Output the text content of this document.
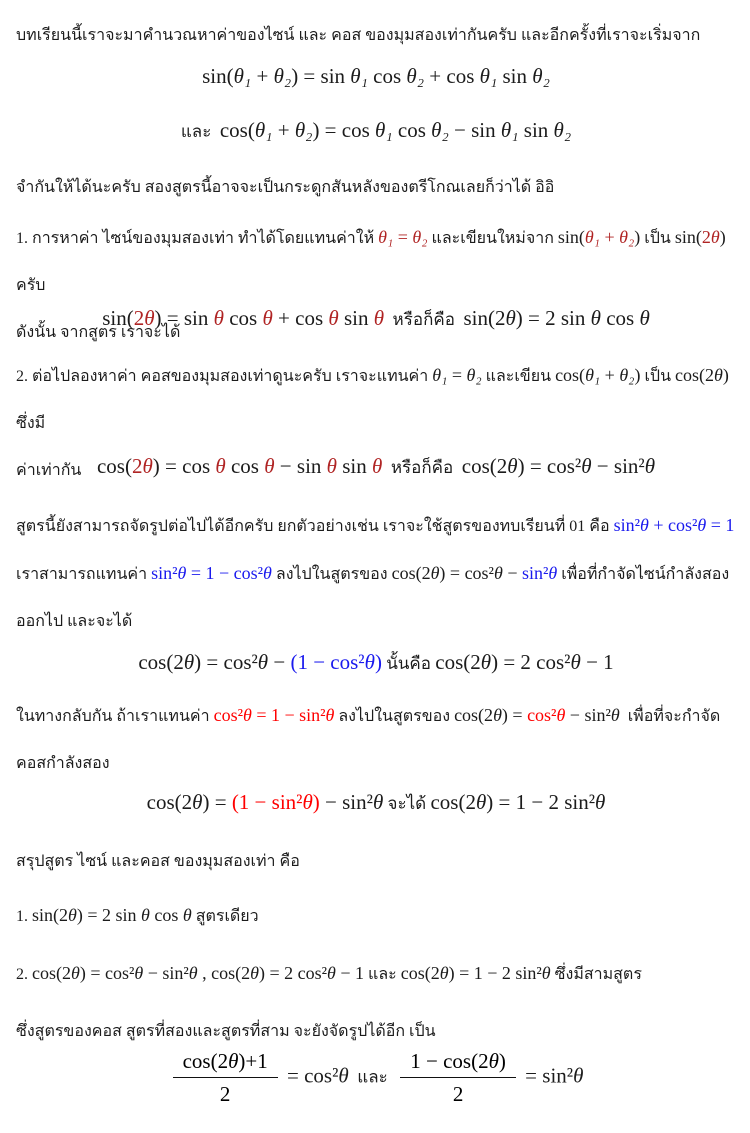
บทเรียนนี้เราจะมาคำนวณหาค่าของไซน์ และ คอส ของมุมสองเท่ากันครับ และอีกครั้งที่เราจะเริ่มจาก
sin(θ₁ + θ₂) = sin θ₁ cos θ₂ + cos θ₁ sin θ₂
และ  cos(θ₁ + θ₂) = cos θ₁ cos θ₂ − sin θ₁ sin θ₂
จำกันให้ได้นะครับ สองสูตรนี้อาจจะเป็นกระดูกสันหลังของตรีโกณเลยก็ว่าได้ อิอิ
1. การหาค่า ไซน์ของมุมสองเท่า ทำได้โดยแทนค่าให้ θ₁ = θ₂ และเขียนใหม่จาก sin(θ₁ + θ₂) เป็น sin(2θ) ครับ
ดังนั้น จากสูตร เราจะได้
sin(2θ) = sin θ cos θ + cos θ sin θ  หรือก็คือ  sin(2θ) = 2 sin θ cos θ
2. ต่อไปลองหาค่า คอสของมุมสองเท่าดูนะครับ เราจะแทนค่า θ₁ = θ₂ และเขียน cos(θ₁ + θ₂) เป็น cos(2θ) ซึ่งมี
ค่าเท่ากัน cos(2θ) = cos θ cos θ − sin θ sin θ  หรือก็คือ  cos(2θ) = cos²θ − sin²θ
สูตรนี้ยังสามารถจัดรูปต่อไปได้อีกครับ ยกตัวอย่างเช่น เราจะใช้สูตรของทบเรียนที่ 01 คือ sin²θ + cos²θ = 1
เราสามารถแทนค่า sin²θ = 1 − cos²θ ลงไปในสูตรของ cos(2θ) = cos²θ − sin²θ เพื่อที่กำจัดไซน์กำลังสอง
ออกไป และจะได้
cos(2θ) = cos²θ − (1 − cos²θ) นั้นคือ cos(2θ) = 2 cos²θ − 1
ในทางกลับกัน ถ้าเราแทนค่า cos²θ = 1 − sin²θ ลงไปในสูตรของ cos(2θ) = cos²θ − sin²θ  เพื่อที่จะกำจัด
คอสกำลังสอง
cos(2θ) = (1 − sin²θ) − sin²θ จะได้ cos(2θ) = 1 − 2 sin²θ
สรุปสูตร ไซน์ และคอส ของมุมสองเท่า คือ
1. sin(2θ) = 2 sin θ cos θ สูตรเดียว
2. cos(2θ) = cos²θ − sin²θ , cos(2θ) = 2 cos²θ − 1 และ cos(2θ) = 1 − 2 sin²θ ซึ่งมีสามสูตร
ซึ่งสูตรของคอส สูตรที่สองและสูตรที่สาม จะยังจัดรูปได้อีก เป็น
$\frac{\cos(2\theta)+1}{2} = \cos^2\theta$  และ $\frac{1 - \cos(2\theta)}{2} = \sin^2\theta$
